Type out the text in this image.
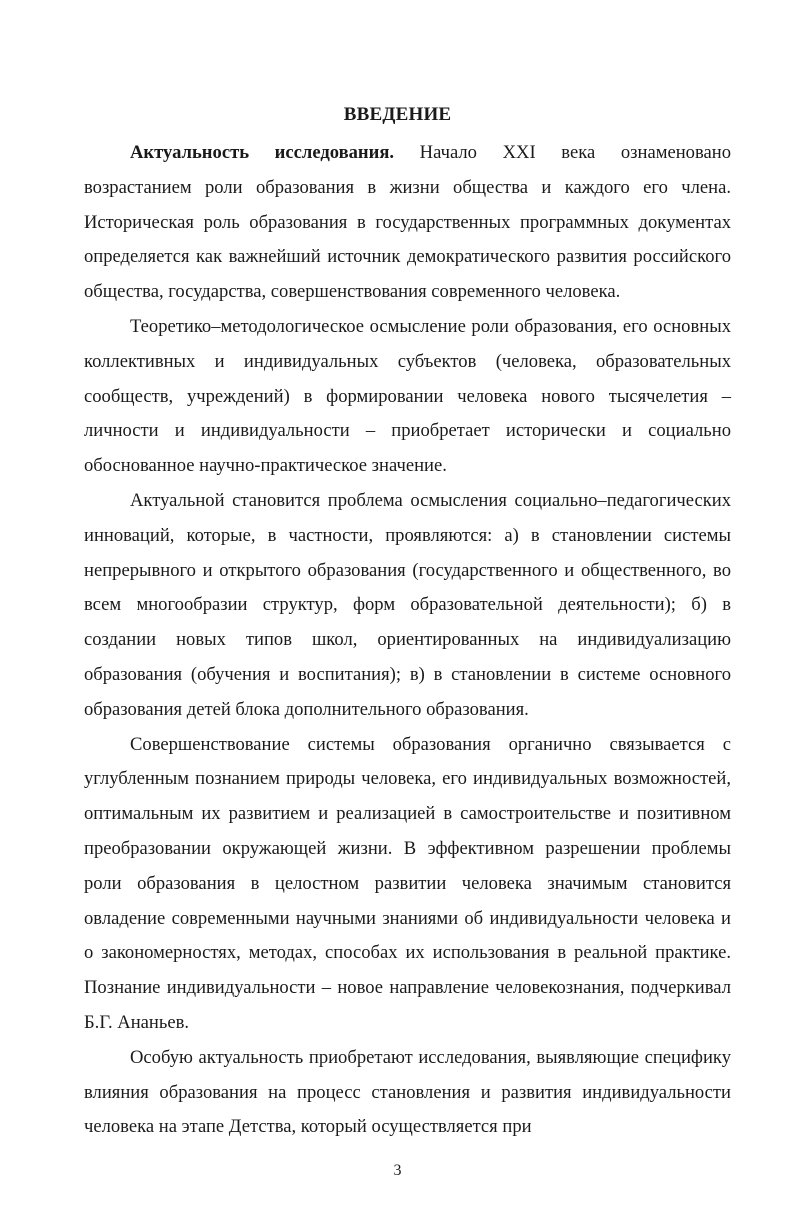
ВВЕДЕНИЕ

Актуальность исследования. Начало XXI века ознаменовано возрастанием роли образования в жизни общества и каждого его члена. Историческая роль образования в государственных программных документах определяется как важнейший источник демократического развития российского общества, государства, совершенствования современного человека.

Теоретико–методологическое осмысление роли образования, его основных коллективных и индивидуальных субъектов (человека, образовательных сообществ, учреждений) в формировании человека нового тысячелетия – личности и индивидуальности – приобретает исторически и социально обоснованное научно-практическое значение.

Актуальной становится проблема осмысления социально–педагогических инноваций, которые, в частности, проявляются: а) в становлении системы непрерывного и открытого образования (государственного и общественного, во всем многообразии структур, форм образовательной деятельности); б) в создании новых типов школ, ориентированных на индивидуализацию образования (обучения и воспитания); в) в становлении в системе основного образования детей блока дополнительного образования.

Совершенствование системы образования органично связывается с углубленным познанием природы человека, его индивидуальных возможностей, оптимальным их развитием и реализацией в самостроительстве и позитивном преобразовании окружающей жизни. В эффективном разрешении проблемы роли образования в целостном развитии человека значимым становится овладение современными научными знаниями об индивидуальности человека и о закономерностях, методах, способах их использования в реальной практике. Познание индивидуальности – новое направление человекознания, подчеркивал Б.Г. Ананьев.

Особую актуальность приобретают исследования, выявляющие специфику влияния образования на процесс становления и развития индивидуальности человека на этапе Детства, который осуществляется при

3
